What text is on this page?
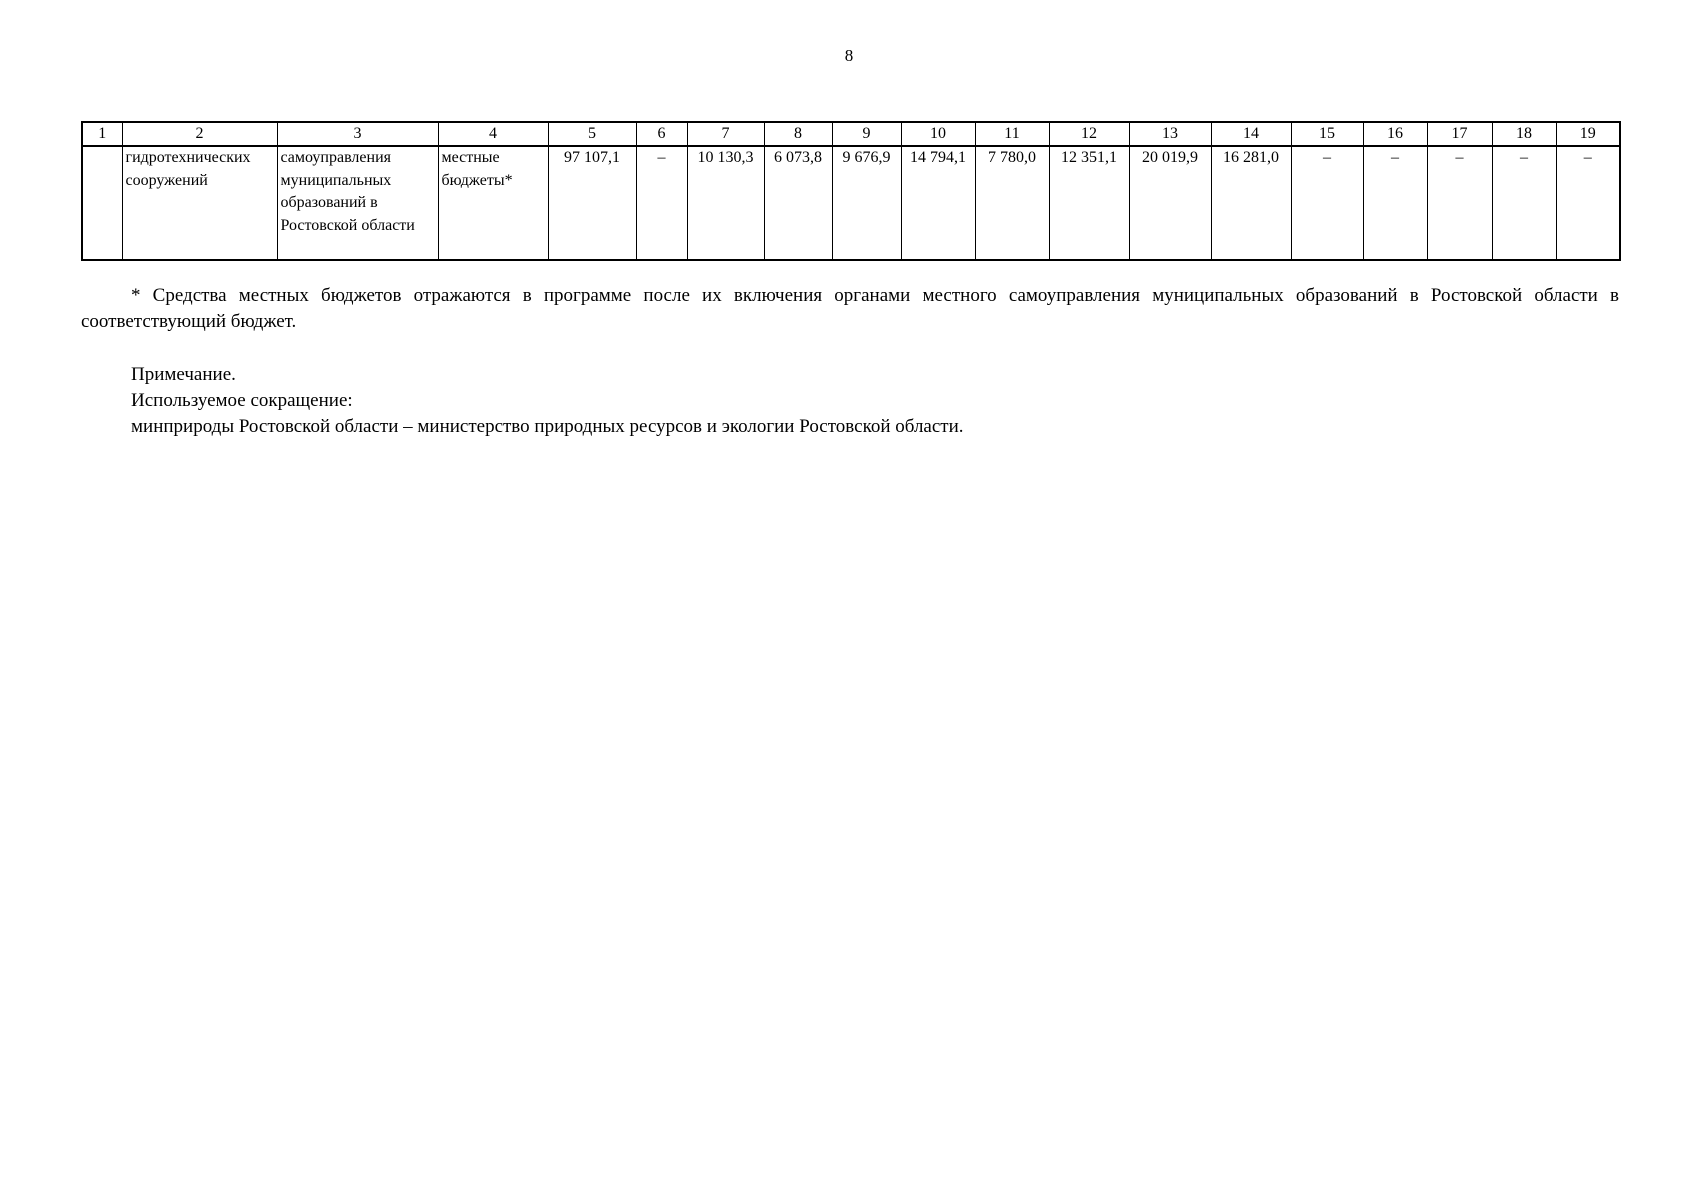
8
1	2	3	4	5	6	7	8	9	10	11	12	13	14	15	16	17	18	19
	гидротехнических сооружений	самоуправления муниципальных образований в Ростовской области	местные бюджеты*	97 107,1	–	10 130,3	6 073,8	9 676,9	14 794,1	7 780,0	12 351,1	20 019,9	16 281,0	–	–	–	–	–

* Средства местных бюджетов отражаются в программе после их включения органами местного самоуправления муниципальных образований в Ростовской области в соответствующий бюджет.

Примечание.

Используемое сокращение:

минприроды Ростовской области – министерство природных ресурсов и экологии Ростовской области.
